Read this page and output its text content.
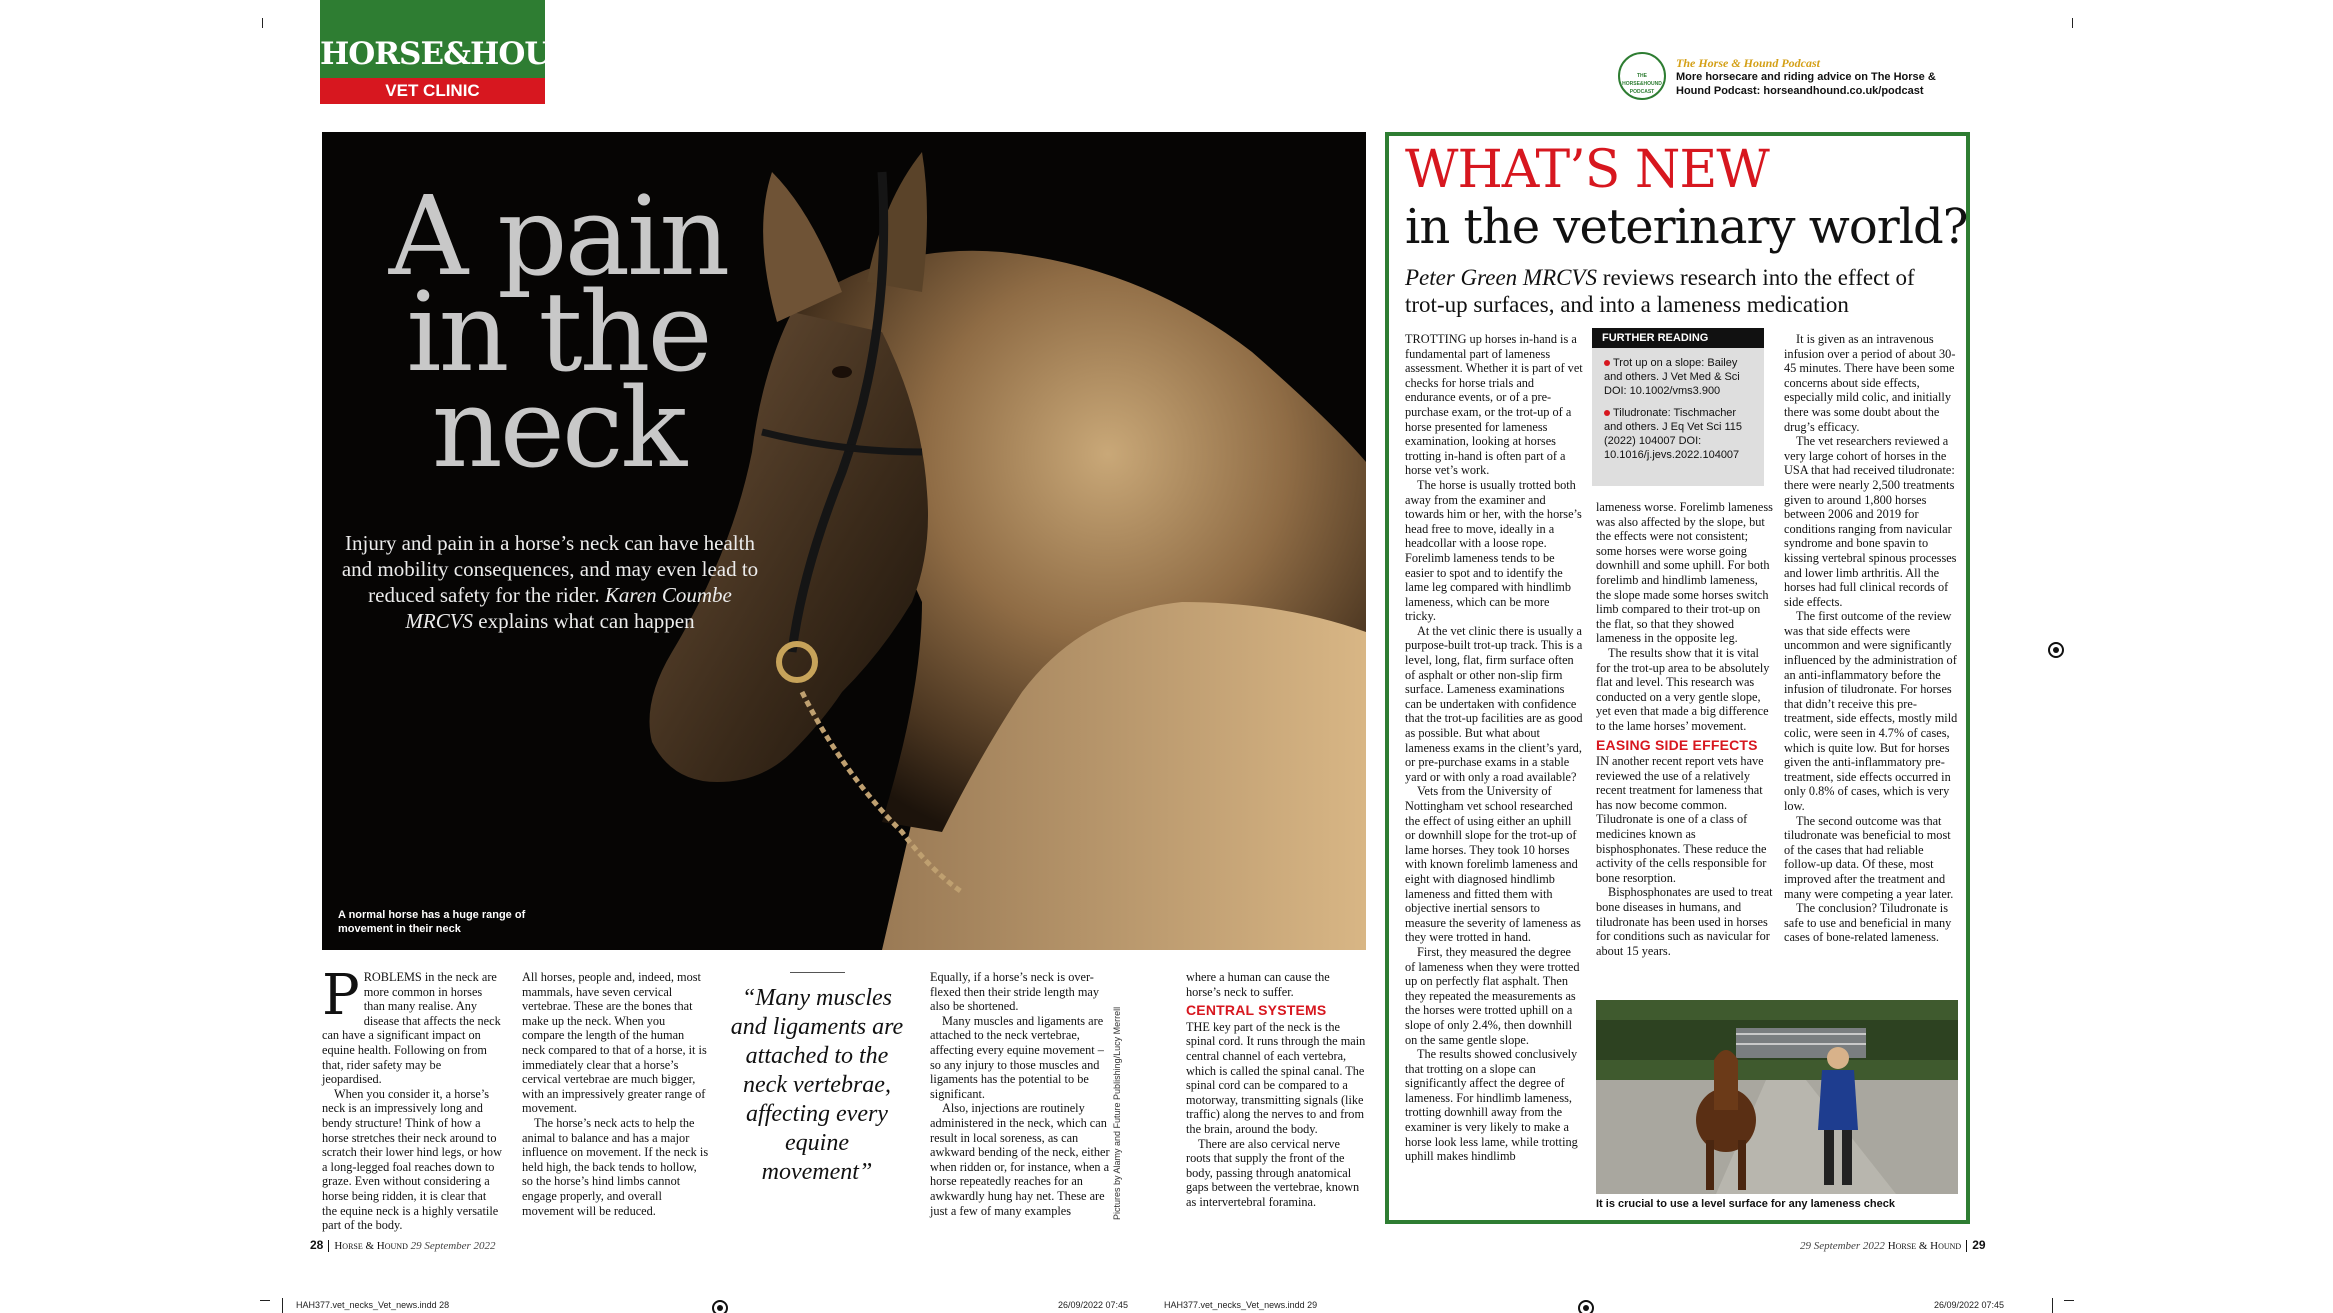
HORSE&HOUND
VET CLINIC
THE HORSE&HOUND PODCAST
The Horse & Hound Podcast
More horsecare and riding advice on The Horse & Hound Podcast: horseandhound.co.uk/podcast
A normal horse has a huge range of movement in their neck
A pain
in the
neck
Injury and pain in a horse’s neck can have health and mobility consequences, and may even lead to reduced safety for the rider. Karen Coumbe MRCVS explains what can happen
P ROBLEMS in the neck are more common in horses than many realise. Any disease that affects the neck can have a significant impact on equine health. Following on from that, rider safety may be jeopardised.

When you consider it, a horse’s neck is an impressively long and bendy structure! Think of how a horse stretches their neck around to scratch their lower hind legs, or how a long-legged foal reaches down to graze. Even without considering a horse being ridden, it is clear that the equine neck is a highly versatile part of the body.

All horses, people and, indeed, most mammals, have seven cervical vertebrae. These are the bones that make up the neck. When you compare the length of the human neck compared to that of a horse, it is immediately clear that a horse’s cervical vertebrae are much bigger, with an impressively greater range of movement.

The horse’s neck acts to help the animal to balance and has a major influence on movement. If the neck is held high, the back tends to hollow, so the horse’s hind limbs cannot engage properly, and overall movement will be reduced.

“Many muscles and ligaments are attached to the neck vertebrae, affecting every equine movement”	Pictures by Alamy and Future Publishing/Lucy Merrell

Equally, if a horse’s neck is over-flexed then their stride length may also be shortened.

Many muscles and ligaments are attached to the neck vertebrae, affecting every equine movement – so any injury to those muscles and ligaments has the potential to be significant.

Also, injections are routinely administered in the neck, which can result in local soreness, as can awkward bending of the neck, either when ridden or, for instance, when a horse repeatedly reaches for an awkwardly hung hay net. These are just a few of many examples

where a human can cause the horse’s neck to suffer.

CENTRAL SYSTEMS

THE key part of the neck is the spinal cord. It runs through the main central channel of each vertebra, which is called the spinal canal. The spinal cord can be compared to a motorway, transmitting signals (like traffic) along the nerves to and from the brain, around the body.

There are also cervical nerve roots that supply the front of the body, passing through anatomical gaps between the vertebrae, known as intervertebral foramina.

28 Horse & Hound 29 September 2022
WHAT’S NEW
in the veterinary world?
Peter Green MRCVS reviews research into the effect of trot-up surfaces, and into a lameness medication
FURTHER READING
Trot up on a slope: Bailey and others. J Vet Med & Sci DOI: 10.1002/vms3.900
Tiludronate: Tischmacher and others. J Eq Vet Sci 115 (2022) 104007 DOI: 10.1016/j.jevs.2022.104007

TROTTING up horses in-hand is a fundamental part of lameness assessment. Whether it is part of vet checks for horse trials and endurance events, or of a pre-purchase exam, or the trot-up of a horse presented for lameness examination, looking at horses trotting in-hand is often part of a horse vet’s work.

The horse is usually trotted both away from the examiner and towards him or her, with the horse’s head free to move, ideally in a headcollar with a loose rope. Forelimb lameness tends to be easier to spot and to identify the lame leg compared with hindlimb lameness, which can be more tricky.

At the vet clinic there is usually a purpose-built trot-up track. This is a level, long, flat, firm surface often of asphalt or other non-slip firm surface. Lameness examinations can be undertaken with confidence that the trot-up facilities are as good as possible. But what about lameness exams in the client’s yard, or pre-purchase exams in a stable yard or with only a road available?

Vets from the University of Nottingham vet school researched the effect of using either an uphill or downhill slope for the trot-up of lame horses. They took 10 horses with known forelimb lameness and eight with diagnosed hindlimb lameness and fitted them with objective inertial sensors to measure the severity of lameness as they were trotted in hand.

First, they measured the degree of lameness when they were trotted up on perfectly flat asphalt. Then they repeated the measurements as the horses were trotted uphill on a slope of only 2.4%, then downhill on the same gentle slope.

The results showed conclusively that trotting on a slope can significantly affect the degree of lameness. For hindlimb lameness, trotting downhill away from the examiner is very likely to make a horse look less lame, while trotting uphill makes hindlimb

lameness worse. Forelimb lameness was also affected by the slope, but the effects were not consistent; some horses were worse going downhill and some uphill. For both forelimb and hindlimb lameness, the slope made some horses switch limb compared to their trot-up on the flat, so that they showed lameness in the opposite leg.

The results show that it is vital for the trot-up area to be absolutely flat and level. This research was conducted on a very gentle slope, yet even that made a big difference to the lame horses’ movement.

EASING SIDE EFFECTS

IN another recent report vets have reviewed the use of a relatively recent treatment for lameness that has now become common. Tiludronate is one of a class of medicines known as bisphosphonates. These reduce the activity of the cells responsible for bone resorption.

Bisphosphonates are used to treat bone diseases in humans, and tiludronate has been used in horses for conditions such as navicular for about 15 years.

It is given as an intravenous infusion over a period of about 30-45 minutes. There have been some concerns about side effects, especially mild colic, and initially there was some doubt about the drug’s efficacy.

The vet researchers reviewed a very large cohort of horses in the USA that had received tiludronate: there were nearly 2,500 treatments given to around 1,800 horses between 2006 and 2019 for conditions ranging from navicular syndrome and bone spavin to kissing vertebral spinous processes and lower limb arthritis. All the horses had full clinical records of side effects.

The first outcome of the review was that side effects were uncommon and were significantly influenced by the administration of an anti-inflammatory before the infusion of tiludronate. For horses that didn’t receive this pre-treatment, side effects, mostly mild colic, were seen in 4.7% of cases, which is quite low. But for horses given the anti-inflammatory pre-treatment, side effects occurred in only 0.8% of cases, which is very low.

The second outcome was that tiludronate was beneficial to most of the cases that had reliable follow-up data. Of these, most improved after the treatment and many were competing a year later.

The conclusion? Tiludronate is safe to use and beneficial in many cases of bone-related lameness.

It is crucial to use a level surface for any lameness check
29 September 2022 Horse & Hound 29
HAH377.vet_necks_Vet_news.indd 28	26/09/2022 07:45	HAH377.vet_necks_Vet_news.indd 29	26/09/2022 07:45
